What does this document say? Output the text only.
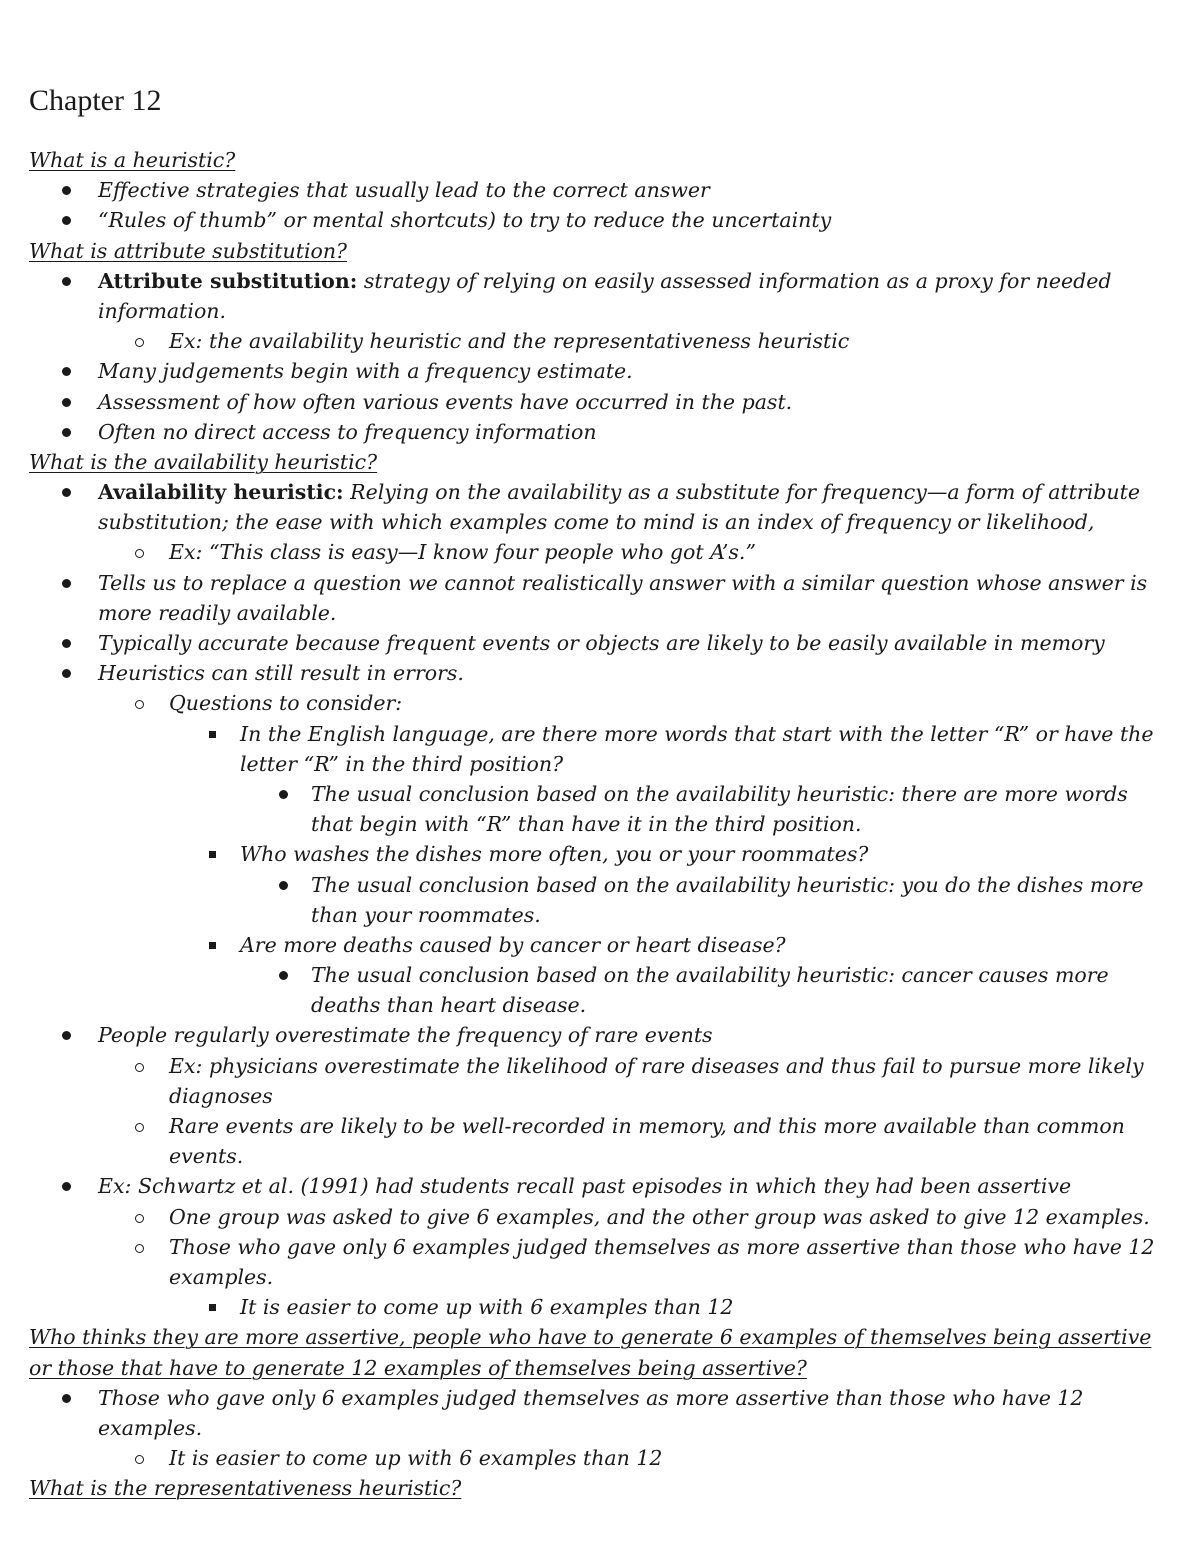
Chapter 12
What is a heuristic?
Effective strategies that usually lead to the correct answer
“Rules of thumb” or mental shortcuts) to try to reduce the uncertainty
What is attribute substitution?
Attribute substitution: strategy of relying on easily assessed information as a proxy for needed
information.
Ex: the availability heuristic and the representativeness heuristic
Many judgements begin with a frequency estimate.
Assessment of how often various events have occurred in the past.
Often no direct access to frequency information
What is the availability heuristic?
Availability heuristic: Relying on the availability as a substitute for frequency—a form of attribute
substitution; the ease with which examples come to mind is an index of frequency or likelihood,
Ex: “This class is easy—I know four people who got A’s.”
Tells us to replace a question we cannot realistically answer with a similar question whose answer is
more readily available.
Typically accurate because frequent events or objects are likely to be easily available in memory
Heuristics can still result in errors.
Questions to consider:
In the English language, are there more words that start with the letter “R” or have the
letter “R” in the third position?
The usual conclusion based on the availability heuristic: there are more words
that begin with “R” than have it in the third position.
Who washes the dishes more often, you or your roommates?
The usual conclusion based on the availability heuristic: you do the dishes more
than your roommates.
Are more deaths caused by cancer or heart disease?
The usual conclusion based on the availability heuristic: cancer causes more
deaths than heart disease.
People regularly overestimate the frequency of rare events
Ex: physicians overestimate the likelihood of rare diseases and thus fail to pursue more likely
diagnoses
Rare events are likely to be well-recorded in memory, and this more available than common
events.
Ex: Schwartz et al. (1991) had students recall past episodes in which they had been assertive
One group was asked to give 6 examples, and the other group was asked to give 12 examples.
Those who gave only 6 examples judged themselves as more assertive than those who have 12
examples.
It is easier to come up with 6 examples than 12
Who thinks they are more assertive, people who have to generate 6 examples of themselves being assertive
or those that have to generate 12 examples of themselves being assertive?
Those who gave only 6 examples judged themselves as more assertive than those who have 12
examples.
It is easier to come up with 6 examples than 12
What is the representativeness heuristic?
